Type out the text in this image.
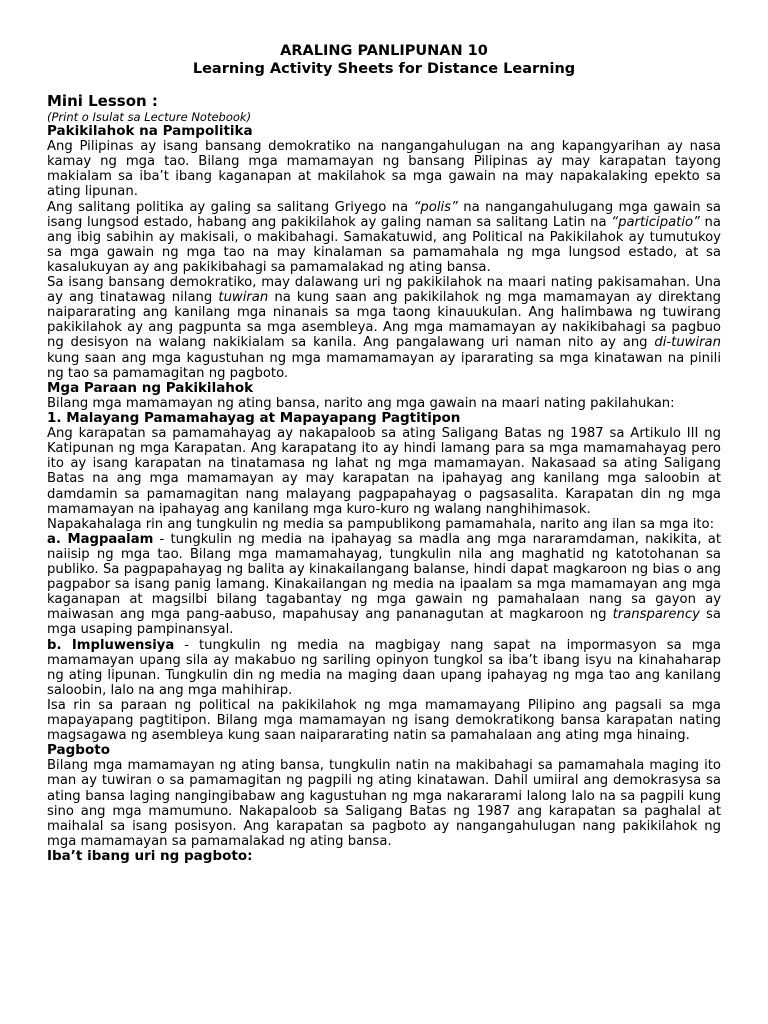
ARALING PANLIPUNAN 10
Learning Activity Sheets for Distance Learning
Mini Lesson :
(Print o Isulat sa Lecture Notebook)
Pakikilahok na Pampolitika
Ang Pilipinas ay isang bansang demokratiko na nangangahulugan na ang kapangyarihan ay nasa kamay ng mga tao. Bilang mga mamamayan ng bansang Pilipinas ay may karapatan tayong makialam sa iba’t ibang kaganapan at makilahok sa mga gawain na may napakalaking epekto sa ating lipunan.
Ang salitang politika ay galing sa salitang Griyego na “polis” na nangangahulugang mga gawain sa isang lungsod estado, habang ang pakikilahok ay galing naman sa salitang Latin na “participatio” na ang ibig sabihin ay makisali, o makibahagi. Samakatuwid, ang Political na Pakikilahok ay tumutukoy sa mga gawain ng mga tao na may kinalaman sa pamamahala ng mga lungsod estado, at sa kasalukuyan ay ang pakikibahagi sa pamamalakad ng ating bansa.
Sa isang bansang demokratiko, may dalawang uri ng pakikilahok na maari nating pakisamahan. Una ay ang tinatawag nilang tuwiran na kung saan ang pakikilahok ng mga mamamayan ay direktang naipararating ang kanilang mga ninanais sa mga taong kinauukulan. Ang halimbawa ng tuwirang pakikilahok ay ang pagpunta sa mga asembleya. Ang mga mamamayan ay nakikibahagi sa pagbuo ng desisyon na walang nakikialam sa kanila. Ang pangalawang uri naman nito ay ang di-tuwiran kung saan ang mga kagustuhan ng mga mamamamayan ay ipararating sa mga kinatawan na pinili ng tao sa pamamagitan ng pagboto.
Mga Paraan ng Pakikilahok
Bilang mga mamamayan ng ating bansa, narito ang mga gawain na maari nating pakilahukan:
1. Malayang Pamamahayag at Mapayapang Pagtitipon
Ang karapatan sa pamamahayag ay nakapaloob sa ating Saligang Batas ng 1987 sa Artikulo III ng Katipunan ng mga Karapatan. Ang karapatang ito ay hindi lamang para sa mga mamamahayag pero ito ay isang karapatan na tinatamasa ng lahat ng mga mamamayan. Nakasaad sa ating Saligang Batas na ang mga mamamayan ay may karapatan na ipahayag ang kanilang mga saloobin at damdamin sa pamamagitan nang malayang pagpapahayag o pagsasalita. Karapatan din ng mga mamamayan na ipahayag ang kanilang mga kuro-kuro ng walang nanghihimasok.
Napakahalaga rin ang tungkulin ng media sa pampublikong pamamahala, narito ang ilan sa mga ito:
a. Magpaalam - tungkulin ng media na ipahayag sa madla ang mga nararamdaman, nakikita, at naiisip ng mga tao. Bilang mga mamamahayag, tungkulin nila ang maghatid ng katotohanan sa publiko. Sa pagpapahayag ng balita ay kinakailangang balanse, hindi dapat magkaroon ng bias o ang pagpabor sa isang panig lamang. Kinakailangan ng media na ipaalam sa mga mamamayan ang mga kaganapan at magsilbi bilang tagabantay ng mga gawain ng pamahalaan nang sa gayon ay maiwasan ang mga pang-aabuso, mapahusay ang pananagutan at magkaroon ng transparency sa mga usaping pampinansyal.
b. Impluwensiya - tungkulin ng media na magbigay nang sapat na impormasyon sa mga mamamayan upang sila ay makabuo ng sariling opinyon tungkol sa iba’t ibang isyu na kinahaharap ng ating lipunan. Tungkulin din ng media na maging daan upang ipahayag ng mga tao ang kanilang saloobin, lalo na ang mga mahihirap.
Isa rin sa paraan ng political na pakikilahok ng mga mamamayang Pilipino ang pagsali sa mga mapayapang pagtitipon. Bilang mga mamamayan ng isang demokratikong bansa karapatan nating magsagawa ng asembleya kung saan naipararating natin sa pamahalaan ang ating mga hinaing.
Pagboto
Bilang mga mamamayan ng ating bansa, tungkulin natin na makibahagi sa pamamahala maging ito man ay tuwiran o sa pamamagitan ng pagpili ng ating kinatawan. Dahil umiiral ang demokrasysa sa ating bansa laging nangingibabaw ang kagustuhan ng mga nakararami lalong lalo na sa pagpili kung sino ang mga mamumuno. Nakapaloob sa Saligang Batas ng 1987 ang karapatan sa paghalal at maihalal sa isang posisyon. Ang karapatan sa pagboto ay nangangahulugan nang pakikilahok ng mga mamamayan sa pamamalakad ng ating bansa.
Iba’t ibang uri ng pagboto:
